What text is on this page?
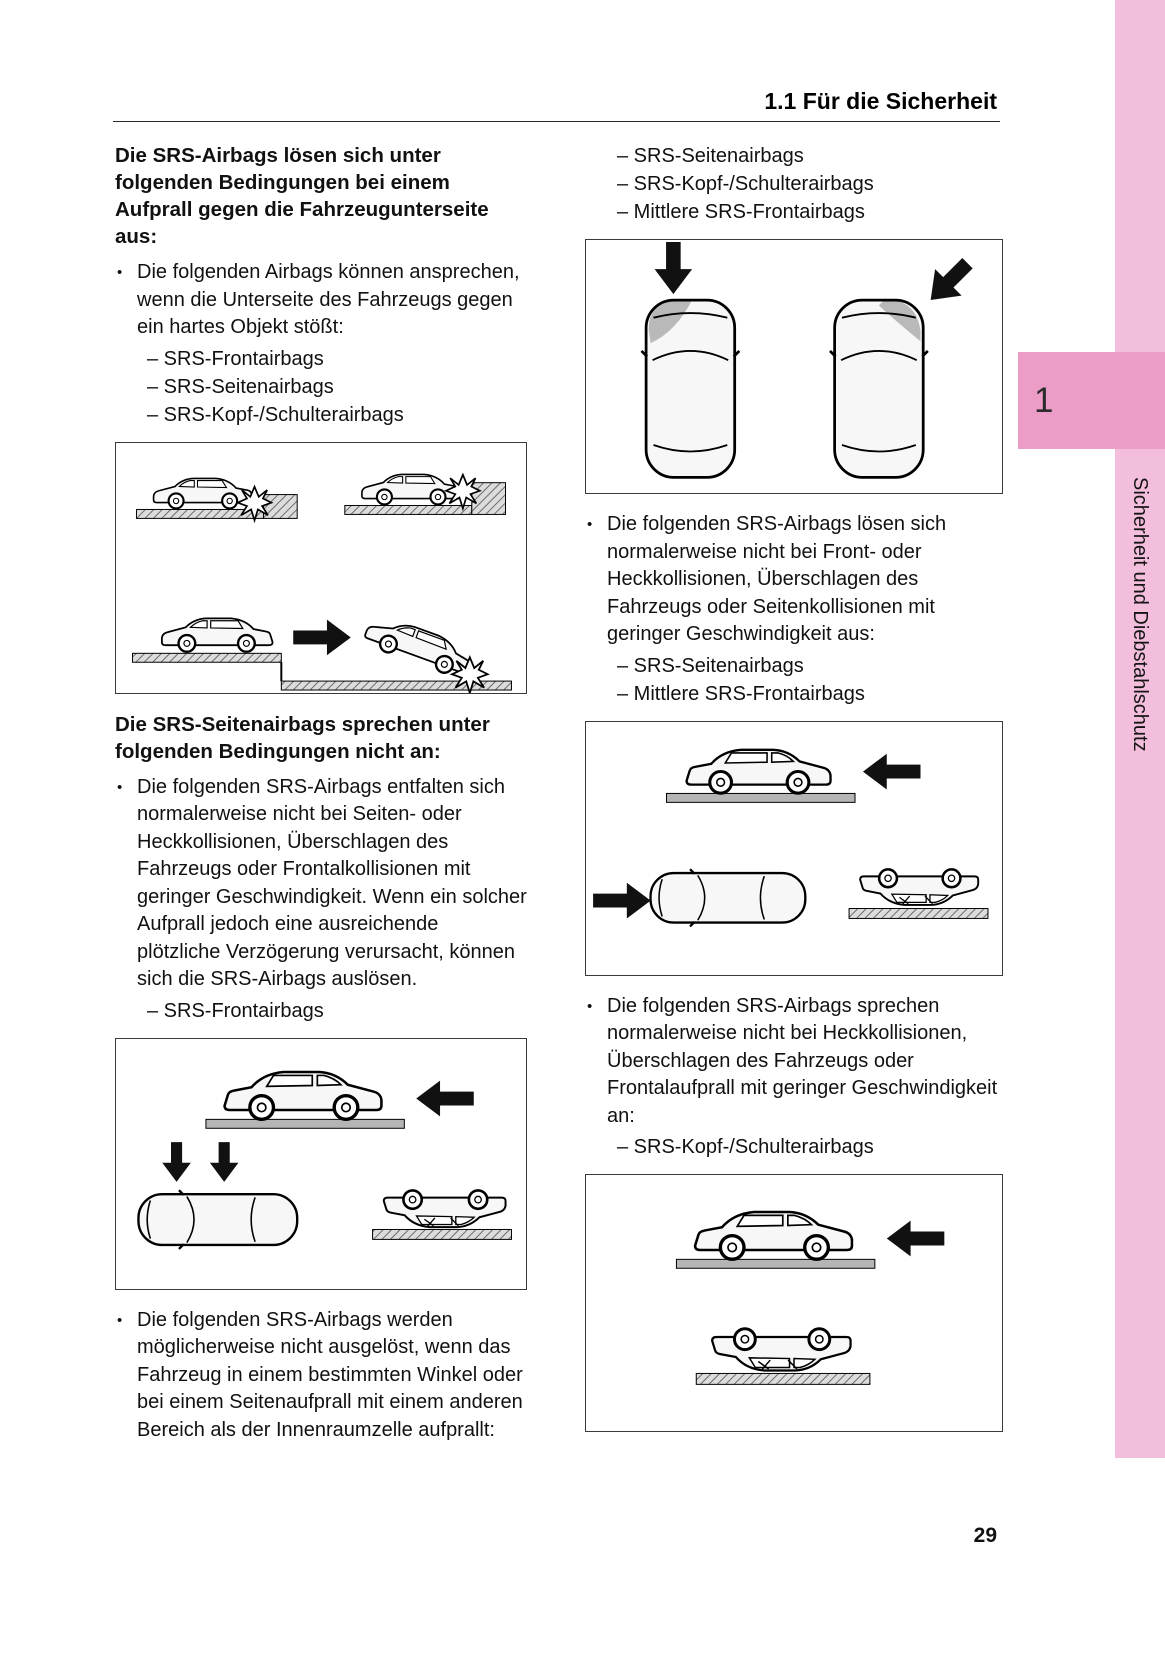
1
Sicherheit und Diebstahlschutz
1.1 Für die Sicherheit

Die SRS-Airbags lösen sich unter folgenden Bedingungen bei einem Aufprall gegen die Fahrzeugunterseite aus:

• Die folgenden Airbags können ansprechen, wenn die Unterseite des Fahrzeugs gegen ein hartes Objekt stößt:
– SRS-Frontairbags
– SRS-Seitenairbags
– SRS-Kopf-/Schulterairbags

Die SRS-Seitenairbags sprechen unter folgenden Bedingungen nicht an:

• Die folgenden SRS-Airbags entfalten sich normalerweise nicht bei Seiten- oder Heckkollisionen, Überschlagen des Fahrzeugs oder Frontalkollisionen mit geringer Geschwindigkeit. Wenn ein solcher Aufprall jedoch eine ausreichende plötzliche Verzögerung verursacht, können sich die SRS-Airbags auslösen.
– SRS-Frontairbags
• Die folgenden SRS-Airbags werden möglicherweise nicht ausgelöst, wenn das Fahrzeug in einem bestimmten Winkel oder bei einem Seitenaufprall mit einem anderen Bereich als der Innenraumzelle aufprallt:
– SRS-Seitenairbags
– SRS-Kopf-/Schulterairbags
– Mittlere SRS-Frontairbags
• Die folgenden SRS-Airbags lösen sich normalerweise nicht bei Front- oder Heckkollisionen, Überschlagen des Fahrzeugs oder Seitenkollisionen mit geringer Geschwindigkeit aus:
– SRS-Seitenairbags
– Mittlere SRS-Frontairbags
• Die folgenden SRS-Airbags sprechen normalerweise nicht bei Heckkollisionen, Überschlagen des Fahrzeugs oder Frontalaufprall mit geringer Geschwindigkeit an:
– SRS-Kopf-/Schulterairbags
29
